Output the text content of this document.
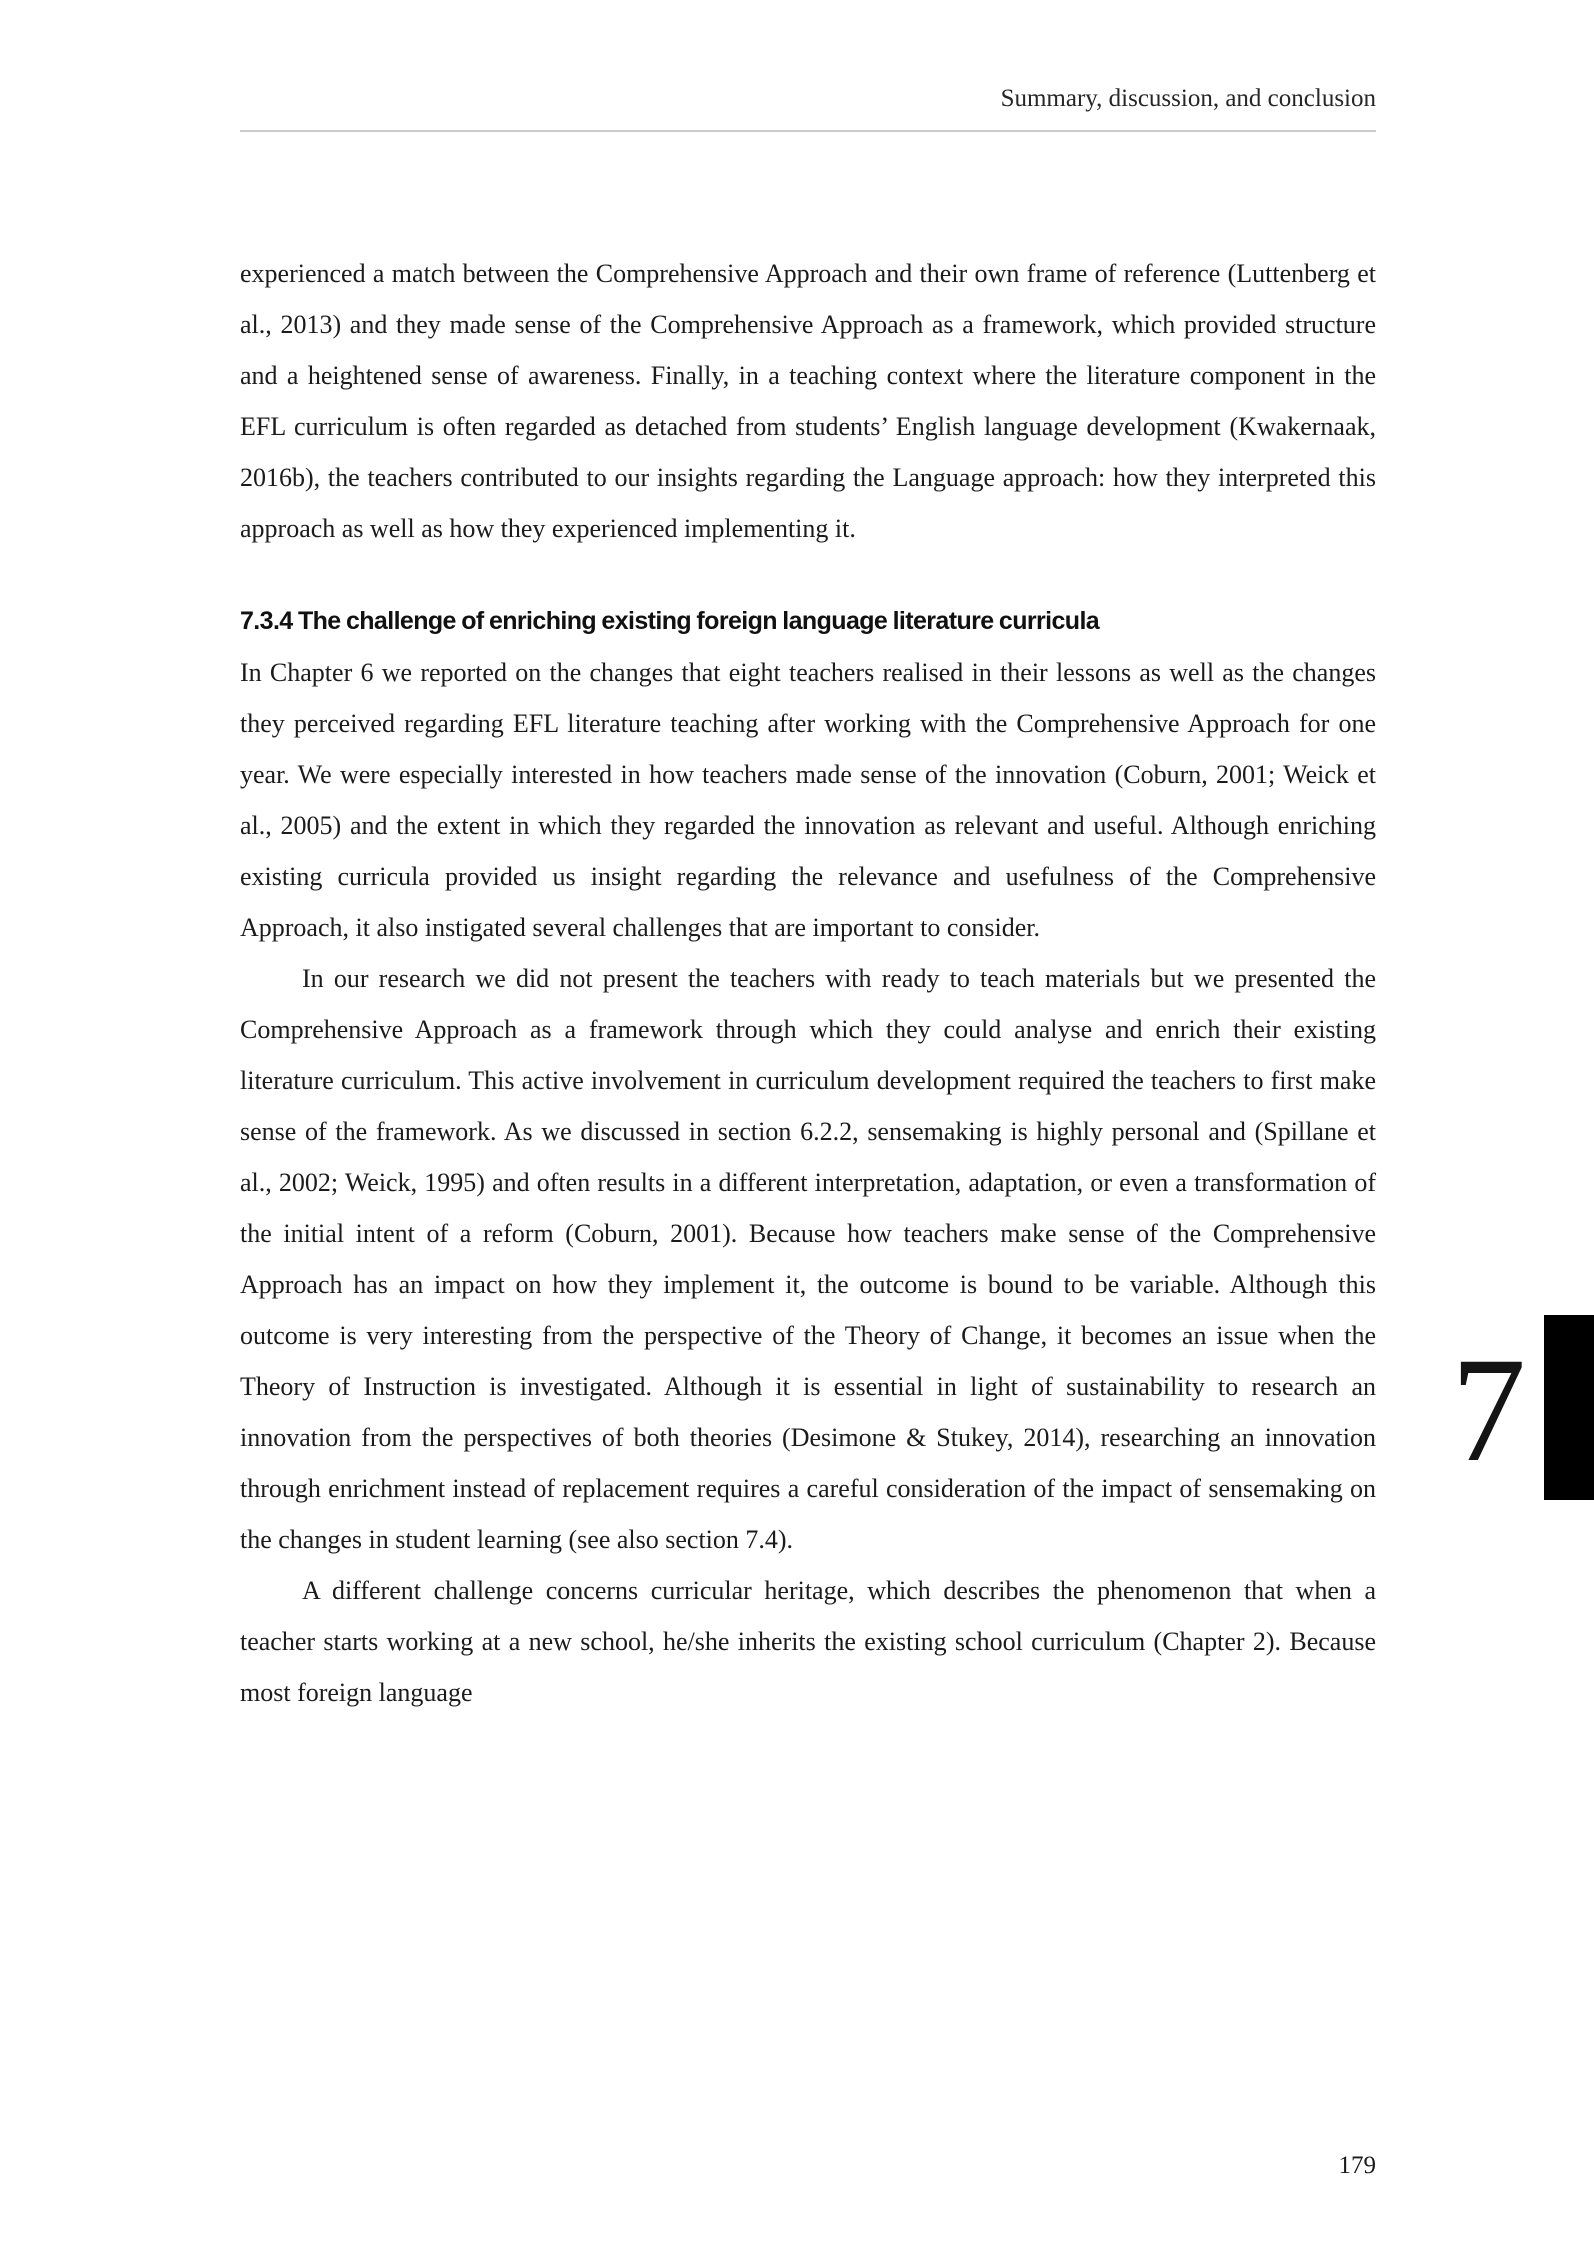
Summary, discussion, and conclusion

experienced a match between the Comprehensive Approach and their own frame of reference (Luttenberg et al., 2013) and they made sense of the Comprehensive Approach as a framework, which provided structure and a heightened sense of awareness. Finally, in a teaching context where the literature component in the EFL curriculum is often regarded as detached from students’ English language development (Kwakernaak, 2016b), the teachers contributed to our insights regarding the Language approach: how they interpreted this approach as well as how they experienced implementing it.

7.3.4 The challenge of enriching existing foreign language literature curricula

In Chapter 6 we reported on the changes that eight teachers realised in their lessons as well as the changes they perceived regarding EFL literature teaching after working with the Comprehensive Approach for one year. We were especially interested in how teachers made sense of the innovation (Coburn, 2001; Weick et al., 2005) and the extent in which they regarded the innovation as relevant and useful. Although enriching existing curricula provided us insight regarding the relevance and usefulness of the Comprehensive Approach, it also instigated several challenges that are important to consider.

In our research we did not present the teachers with ready to teach materials but we presented the Comprehensive Approach as a framework through which they could analyse and enrich their existing literature curriculum. This active involvement in curriculum development required the teachers to first make sense of the framework. As we discussed in section 6.2.2, sensemaking is highly personal and (Spillane et al., 2002; Weick, 1995) and often results in a different interpretation, adaptation, or even a transformation of the initial intent of a reform (Coburn, 2001). Because how teachers make sense of the Comprehensive Approach has an impact on how they implement it, the outcome is bound to be variable. Although this outcome is very interesting from the perspective of the Theory of Change, it becomes an issue when the Theory of Instruction is investigated. Although it is essential in light of sustainability to research an innovation from the perspectives of both theories (Desimone & Stukey, 2014), researching an innovation through enrichment instead of replacement requires a careful consideration of the impact of sensemaking on the changes in student learning (see also section 7.4).

A different challenge concerns curricular heritage, which describes the phenomenon that when a teacher starts working at a new school, he/she inherits the existing school curriculum (Chapter 2). Because most foreign language

7
179
